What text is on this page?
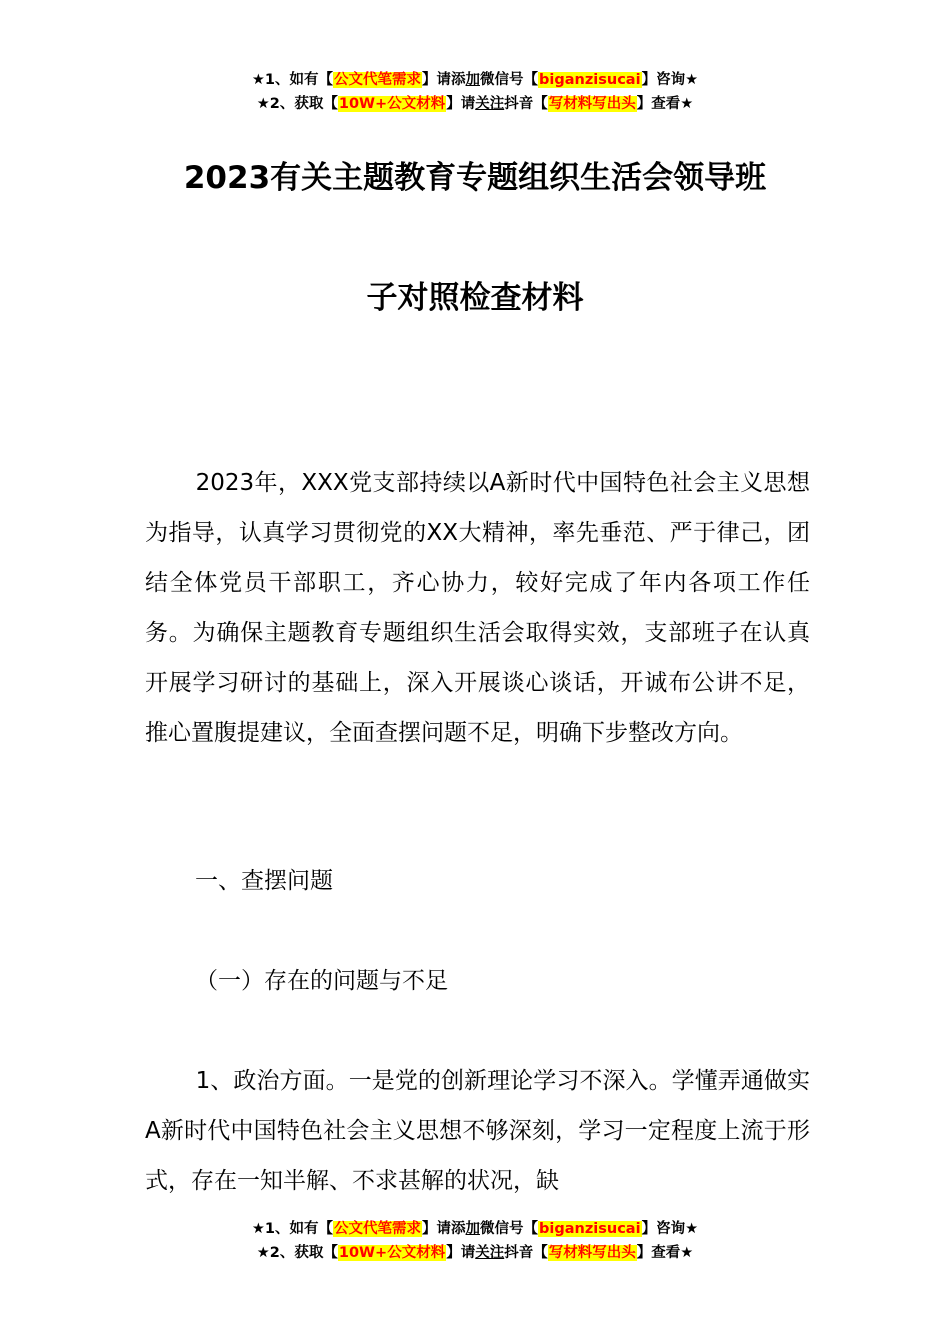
★1、如有【公文代笔需求】请添加微信号【biganzisucai】咨询★
★2、获取【10W+公文材料】请关注抖音【写材料写出头】查看★
2023有关主题教育专题组织生活会领导班
子对照检查材料
2023年，XXX党支部持续以A新时代中国特色社会主义思想为指导，认真学习贯彻党的XX大精神，率先垂范、严于律己，团结全体党员干部职工，齐心协力，较好完成了年内各项工作任务。为确保主题教育专题组织生活会取得实效，支部班子在认真开展学习研讨的基础上，深入开展谈心谈话，开诚布公讲不足，推心置腹提建议，全面查摆问题不足，明确下步整改方向。
一、查摆问题
（一）存在的问题与不足
1、政治方面。一是党的创新理论学习不深入。学懂弄通做实A新时代中国特色社会主义思想不够深刻，学习一定程度上流于形式，存在一知半解、不求甚解的状况，缺
★1、如有【公文代笔需求】请添加微信号【biganzisucai】咨询★
★2、获取【10W+公文材料】请关注抖音【写材料写出头】查看★
